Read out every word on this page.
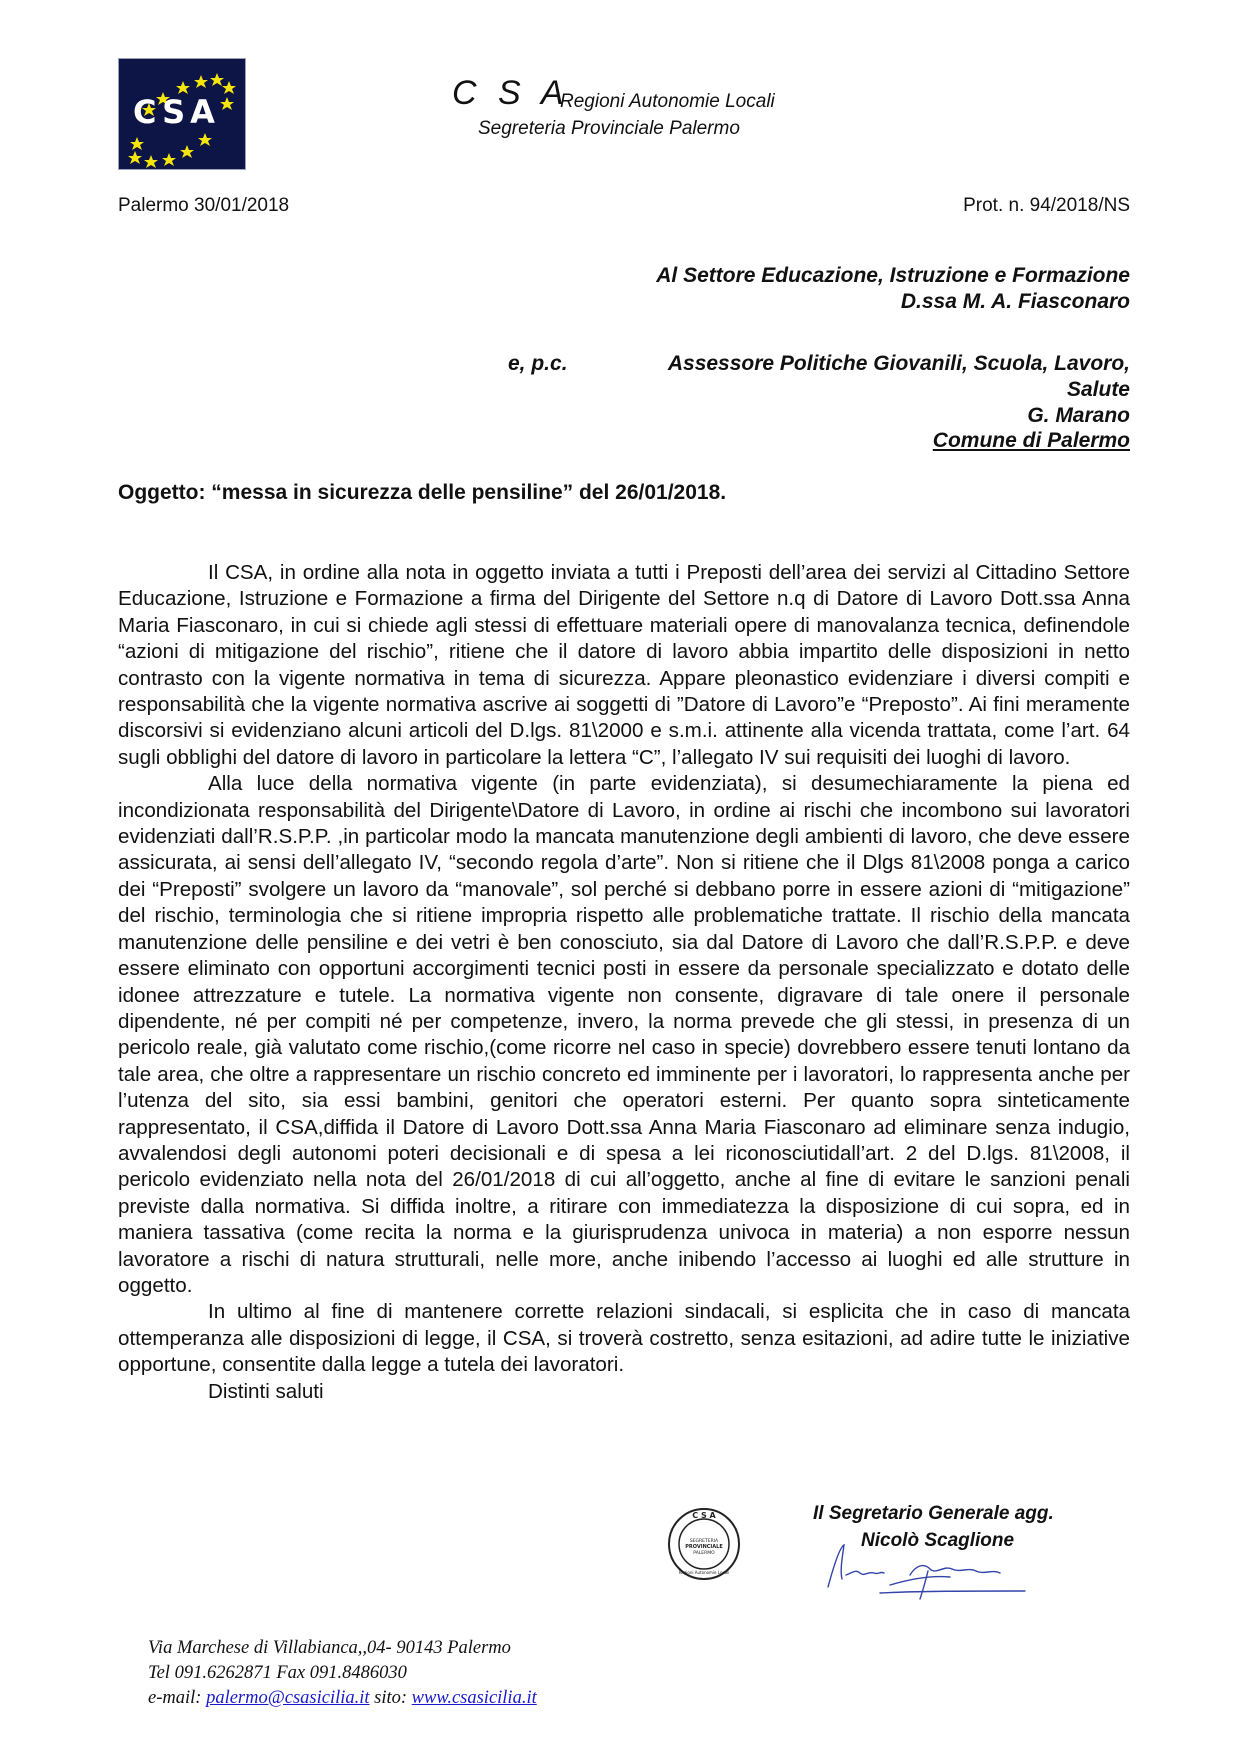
CSA	C S A
Regioni Autonomie Locali
Segreteria Provinciale Palermo
Palermo 30/01/2018	Prot. n. 94/2018/NS
Al Settore Educazione, Istruzione e Formazione
D.ssa M. A. Fiasconaro
e, p.c.	Assessore Politiche Giovanili, Scuola, Lavoro,
Salute
G. Marano
Comune di Palermo
Oggetto: “messa in sicurezza delle pensiline” del 26/01/2018.

Il CSA, in ordine alla nota in oggetto inviata a tutti i Preposti dell’area dei servizi al Cittadino Settore Educazione, Istruzione e Formazione a firma del Dirigente del Settore n.q di Datore di Lavoro Dott.ssa Anna Maria Fiasconaro, in cui si chiede agli stessi di effettuare materiali opere di manovalanza tecnica, definendole “azioni di mitigazione del rischio”, ritiene che il datore di lavoro abbia impartito delle disposizioni in netto contrasto con la vigente normativa in tema di sicurezza. Appare pleonastico evidenziare i diversi compiti e responsabilità che la vigente normativa ascrive ai soggetti di ”Datore di Lavoro”e “Preposto”. Ai fini meramente discorsivi si evidenziano alcuni articoli del D.lgs. 81\2000 e s.m.i. attinente alla vicenda trattata, come l’art. 64 sugli obblighi del datore di lavoro in particolare la lettera “C”, l’allegato IV sui requisiti dei luoghi di lavoro.

Alla luce della normativa vigente (in parte evidenziata), si desumechiaramente la piena ed incondizionata responsabilità del Dirigente\Datore di Lavoro, in ordine ai rischi che incombono sui lavoratori evidenziati dall’R.S.P.P. ,in particolar modo la mancata manutenzione degli ambienti di lavoro, che deve essere assicurata, ai sensi dell’allegato IV, “secondo regola d’arte”. Non si ritiene che il Dlgs 81\2008 ponga a carico dei “Preposti” svolgere un lavoro da “manovale”, sol perché si debbano porre in essere azioni di “mitigazione” del rischio, terminologia che si ritiene impropria rispetto alle problematiche trattate. Il rischio della mancata manutenzione delle pensiline e dei vetri è ben conosciuto, sia dal Datore di Lavoro che dall’R.S.P.P. e deve essere eliminato con opportuni accorgimenti tecnici posti in essere da personale specializzato e dotato delle idonee attrezzature e tutele. La normativa vigente non consente, digravare di tale onere il personale dipendente, né per compiti né per competenze, invero, la norma prevede che gli stessi, in presenza di un pericolo reale, già valutato come rischio,(come ricorre nel caso in specie) dovrebbero essere tenuti lontano da tale area, che oltre a rappresentare un rischio concreto ed imminente per i lavoratori, lo rappresenta anche per l’utenza del sito, sia essi bambini, genitori che operatori esterni. Per quanto sopra sinteticamente rappresentato, il CSA,diffida il Datore di Lavoro Dott.ssa Anna Maria Fiasconaro ad eliminare senza indugio, avvalendosi degli autonomi poteri decisionali e di spesa a lei riconosciutidall’art. 2 del D.lgs. 81\2008, il pericolo evidenziato nella nota del 26/01/2018 di cui all’oggetto, anche al fine di evitare le sanzioni penali previste dalla normativa. Si diffida inoltre, a ritirare con immediatezza la disposizione di cui sopra, ed in maniera tassativa (come recita la norma e la giurisprudenza univoca in materia) a non esporre nessun lavoratore a rischi di natura strutturali, nelle more, anche inibendo l’accesso ai luoghi ed alle strutture in oggetto.

In ultimo al fine di mantenere corrette relazioni sindacali, si esplicita che in caso di mancata ottemperanza alle disposizioni di legge, il CSA, si troverà costretto, senza esitazioni, ad adire tutte le iniziative opportune, consentite dalla legge a tutela dei lavoratori.

Distinti saluti

C S A
SEGRETERIA
PROVINCIALE
PALERMO
Regioni Autonomie Locali
Il Segretario Generale agg.
Nicolò Scaglione
Via Marchese di Villabianca,,04- 90143 Palermo
Tel 091.6262871 Fax 091.8486030
e-mail: palermo@csasicilia.it sito: www.csasicilia.it
